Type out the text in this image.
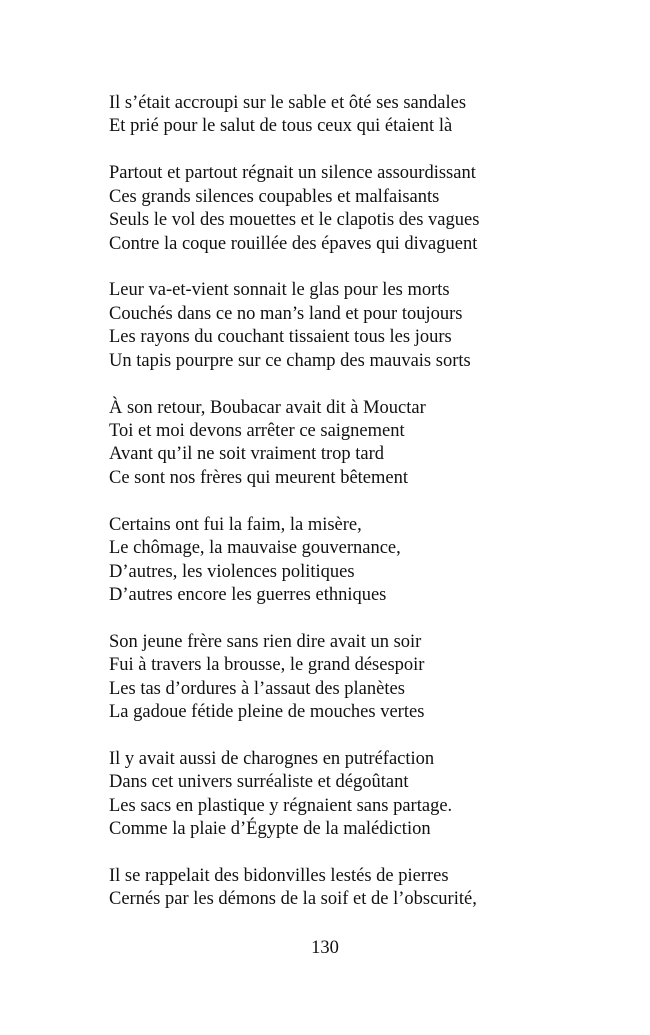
Il s’était accroupi sur le sable et ôté ses sandales
Et prié pour le salut de tous ceux qui étaient là
Partout et partout régnait un silence assourdissant
Ces grands silences coupables et malfaisants
Seuls le vol des mouettes et le clapotis des vagues
Contre la coque rouillée des épaves qui divaguent
Leur va-et-vient sonnait le glas pour les morts
Couchés dans ce no man’s land et pour toujours
Les rayons du couchant tissaient tous les jours
Un tapis pourpre sur ce champ des mauvais sorts
À son retour, Boubacar avait dit à Mouctar
Toi et moi devons arrêter ce saignement
Avant qu’il ne soit vraiment trop tard
Ce sont nos frères qui meurent bêtement
Certains ont fui la faim, la misère,
Le chômage, la mauvaise gouvernance,
D’autres, les violences politiques
D’autres encore les guerres ethniques
Son jeune frère sans rien dire avait un soir
Fui à travers la brousse, le grand désespoir
Les tas d’ordures à l’assaut des planètes
La gadoue fétide pleine de mouches vertes
Il y avait aussi de charognes en putréfaction
Dans cet univers surréaliste et dégoûtant
Les sacs en plastique y régnaient sans partage.
Comme la plaie d’Égypte de la malédiction
Il se rappelait des bidonvilles lestés de pierres
Cernés par les démons de la soif et de l’obscurité,
130
